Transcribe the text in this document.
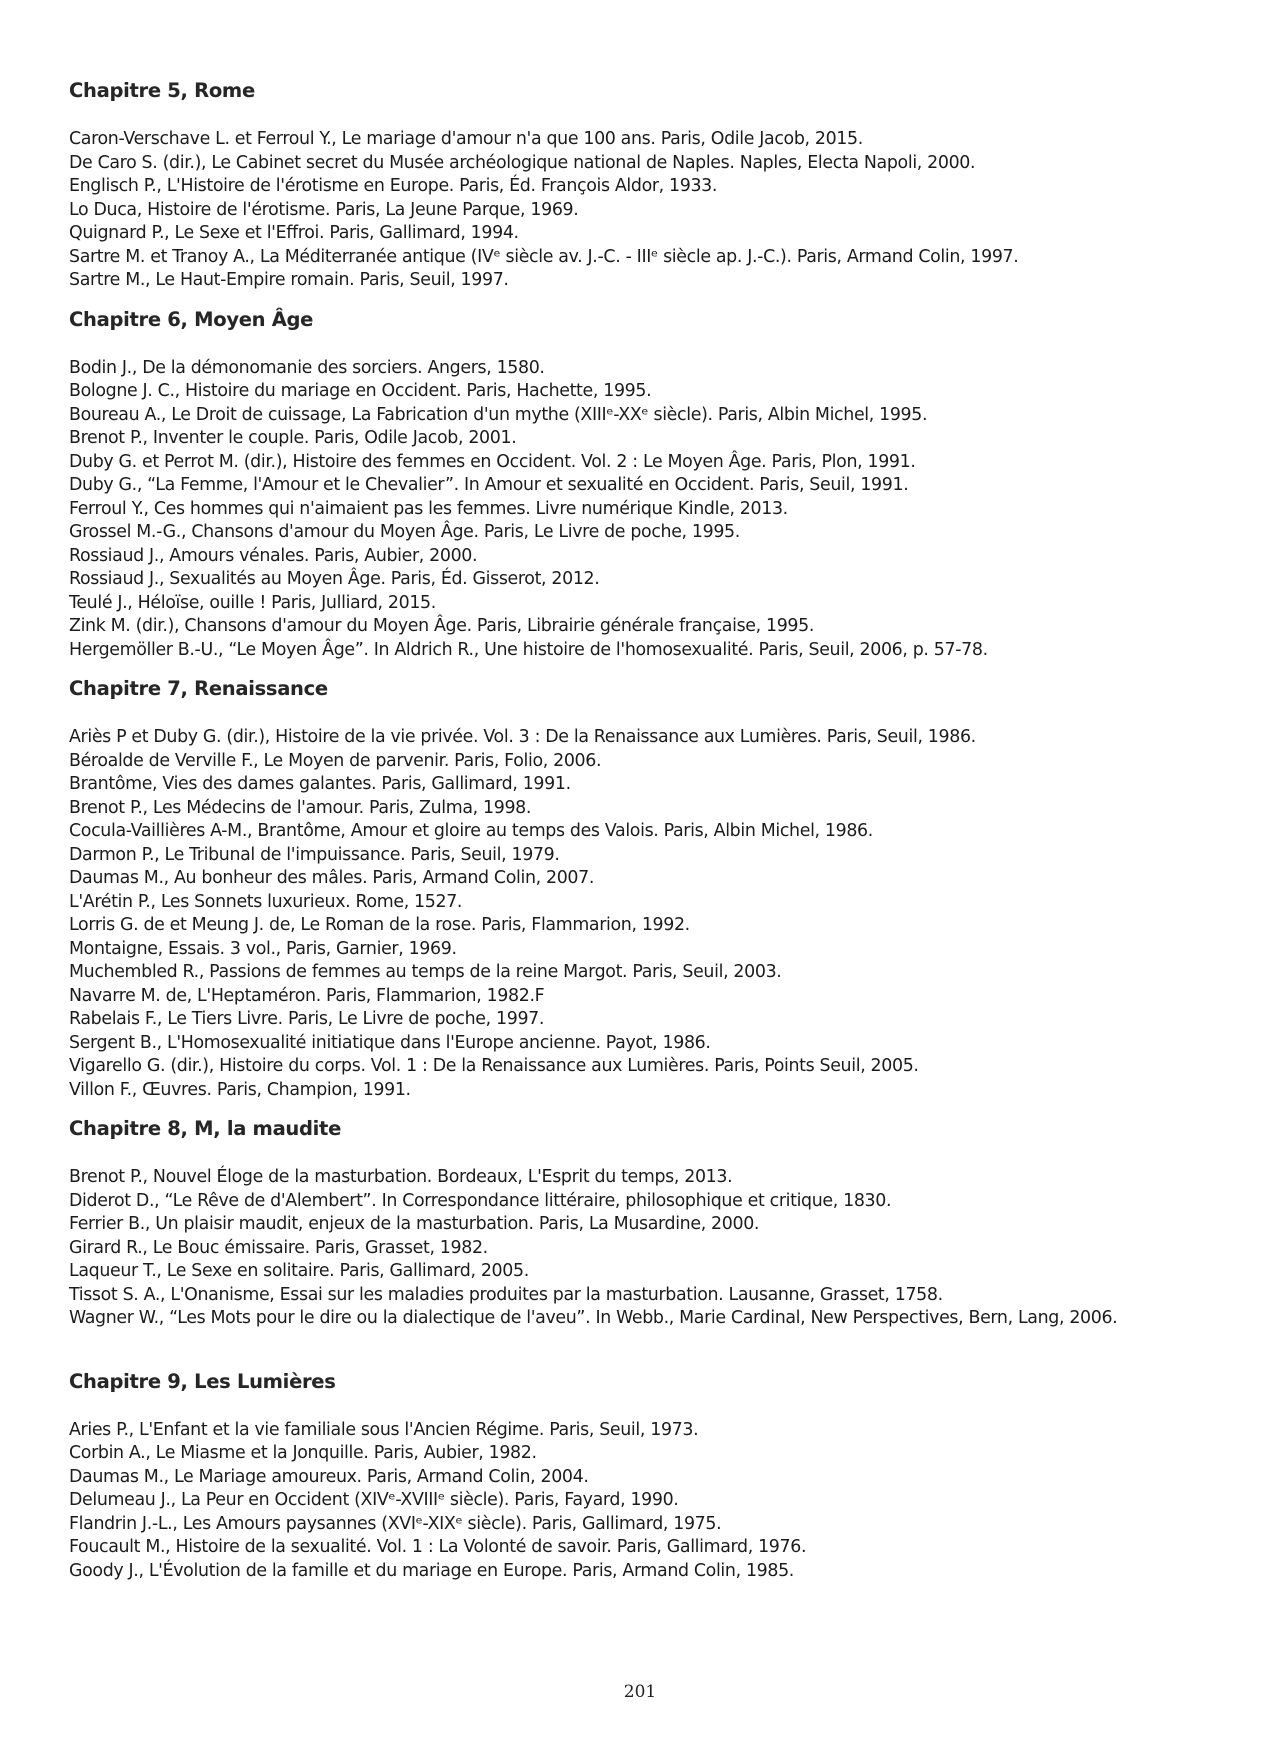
Chapitre 5, Rome
Caron-Verschave L. et Ferroul Y., Le mariage d'amour n'a que 100 ans. Paris, Odile Jacob, 2015.
De Caro S. (dir.), Le Cabinet secret du Musée archéologique national de Naples. Naples, Electa Napoli, 2000.
Englisch P., L'Histoire de l'érotisme en Europe. Paris, Éd. François Aldor, 1933.
Lo Duca, Histoire de l'érotisme. Paris, La Jeune Parque, 1969.
Quignard P., Le Sexe et l'Effroi. Paris, Gallimard, 1994.
Sartre M. et Tranoy A., La Méditerranée antique (IVᵉ siècle av. J.-C. - IIIᵉ siècle ap. J.-C.). Paris, Armand Colin, 1997.
Sartre M., Le Haut-Empire romain. Paris, Seuil, 1997.
Chapitre 6, Moyen Âge
Bodin J., De la démonomanie des sorciers. Angers, 1580.
Bologne J. C., Histoire du mariage en Occident. Paris, Hachette, 1995.
Boureau A., Le Droit de cuissage, La Fabrication d'un mythe (XIIIᵉ-XXᵉ siècle). Paris, Albin Michel, 1995.
Brenot P., Inventer le couple. Paris, Odile Jacob, 2001.
Duby G. et Perrot M. (dir.), Histoire des femmes en Occident. Vol. 2 : Le Moyen Âge. Paris, Plon, 1991.
Duby G., “La Femme, l'Amour et le Chevalier”. In Amour et sexualité en Occident. Paris, Seuil, 1991.
Ferroul Y., Ces hommes qui n'aimaient pas les femmes. Livre numérique Kindle, 2013.
Grossel M.-G., Chansons d'amour du Moyen Âge. Paris, Le Livre de poche, 1995.
Rossiaud J., Amours vénales. Paris, Aubier, 2000.
Rossiaud J., Sexualités au Moyen Âge. Paris, Éd. Gisserot, 2012.
Teulé J., Héloïse, ouille ! Paris, Julliard, 2015.
Zink M. (dir.), Chansons d'amour du Moyen Âge. Paris, Librairie générale française, 1995.
Hergemöller B.-U., “Le Moyen Âge”. In Aldrich R., Une histoire de l'homosexualité. Paris, Seuil, 2006, p. 57-78.
Chapitre 7, Renaissance
Ariès P et Duby G. (dir.), Histoire de la vie privée. Vol. 3 : De la Renaissance aux Lumières. Paris, Seuil, 1986.
Béroalde de Verville F., Le Moyen de parvenir. Paris, Folio, 2006.
Brantôme, Vies des dames galantes. Paris, Gallimard, 1991.
Brenot P., Les Médecins de l'amour. Paris, Zulma, 1998.
Cocula-Vaillières A-M., Brantôme, Amour et gloire au temps des Valois. Paris, Albin Michel, 1986.
Darmon P., Le Tribunal de l'impuissance. Paris, Seuil, 1979.
Daumas M., Au bonheur des mâles. Paris, Armand Colin, 2007.
L'Arétin P., Les Sonnets luxurieux. Rome, 1527.
Lorris G. de et Meung J. de, Le Roman de la rose. Paris, Flammarion, 1992.
Montaigne, Essais. 3 vol., Paris, Garnier, 1969.
Muchembled R., Passions de femmes au temps de la reine Margot. Paris, Seuil, 2003.
Navarre M. de, L'Heptaméron. Paris, Flammarion, 1982.F
Rabelais F., Le Tiers Livre. Paris, Le Livre de poche, 1997.
Sergent B., L'Homosexualité initiatique dans l'Europe ancienne. Payot, 1986.
Vigarello G. (dir.), Histoire du corps. Vol. 1 : De la Renaissance aux Lumières. Paris, Points Seuil, 2005.
Villon F., Œuvres. Paris, Champion, 1991.
Chapitre 8, M, la maudite
Brenot P., Nouvel Éloge de la masturbation. Bordeaux, L'Esprit du temps, 2013.
Diderot D., “Le Rêve de d'Alembert”. In Correspondance littéraire, philosophique et critique, 1830.
Ferrier B., Un plaisir maudit, enjeux de la masturbation. Paris, La Musardine, 2000.
Girard R., Le Bouc émissaire. Paris, Grasset, 1982.
Laqueur T., Le Sexe en solitaire. Paris, Gallimard, 2005.
Tissot S. A., L'Onanisme, Essai sur les maladies produites par la masturbation. Lausanne, Grasset, 1758.
Wagner W., “Les Mots pour le dire ou la dialectique de l'aveu”. In Webb., Marie Cardinal, New Perspectives, Bern, Lang, 2006.
Chapitre 9, Les Lumières
Aries P., L'Enfant et la vie familiale sous l'Ancien Régime. Paris, Seuil, 1973.
Corbin A., Le Miasme et la Jonquille. Paris, Aubier, 1982.
Daumas M., Le Mariage amoureux. Paris, Armand Colin, 2004.
Delumeau J., La Peur en Occident (XIVᵉ-XVIIIᵉ siècle). Paris, Fayard, 1990.
Flandrin J.-L., Les Amours paysannes (XVIᵉ-XIXᵉ siècle). Paris, Gallimard, 1975.
Foucault M., Histoire de la sexualité. Vol. 1 : La Volonté de savoir. Paris, Gallimard, 1976.
Goody J., L'Évolution de la famille et du mariage en Europe. Paris, Armand Colin, 1985.
201
